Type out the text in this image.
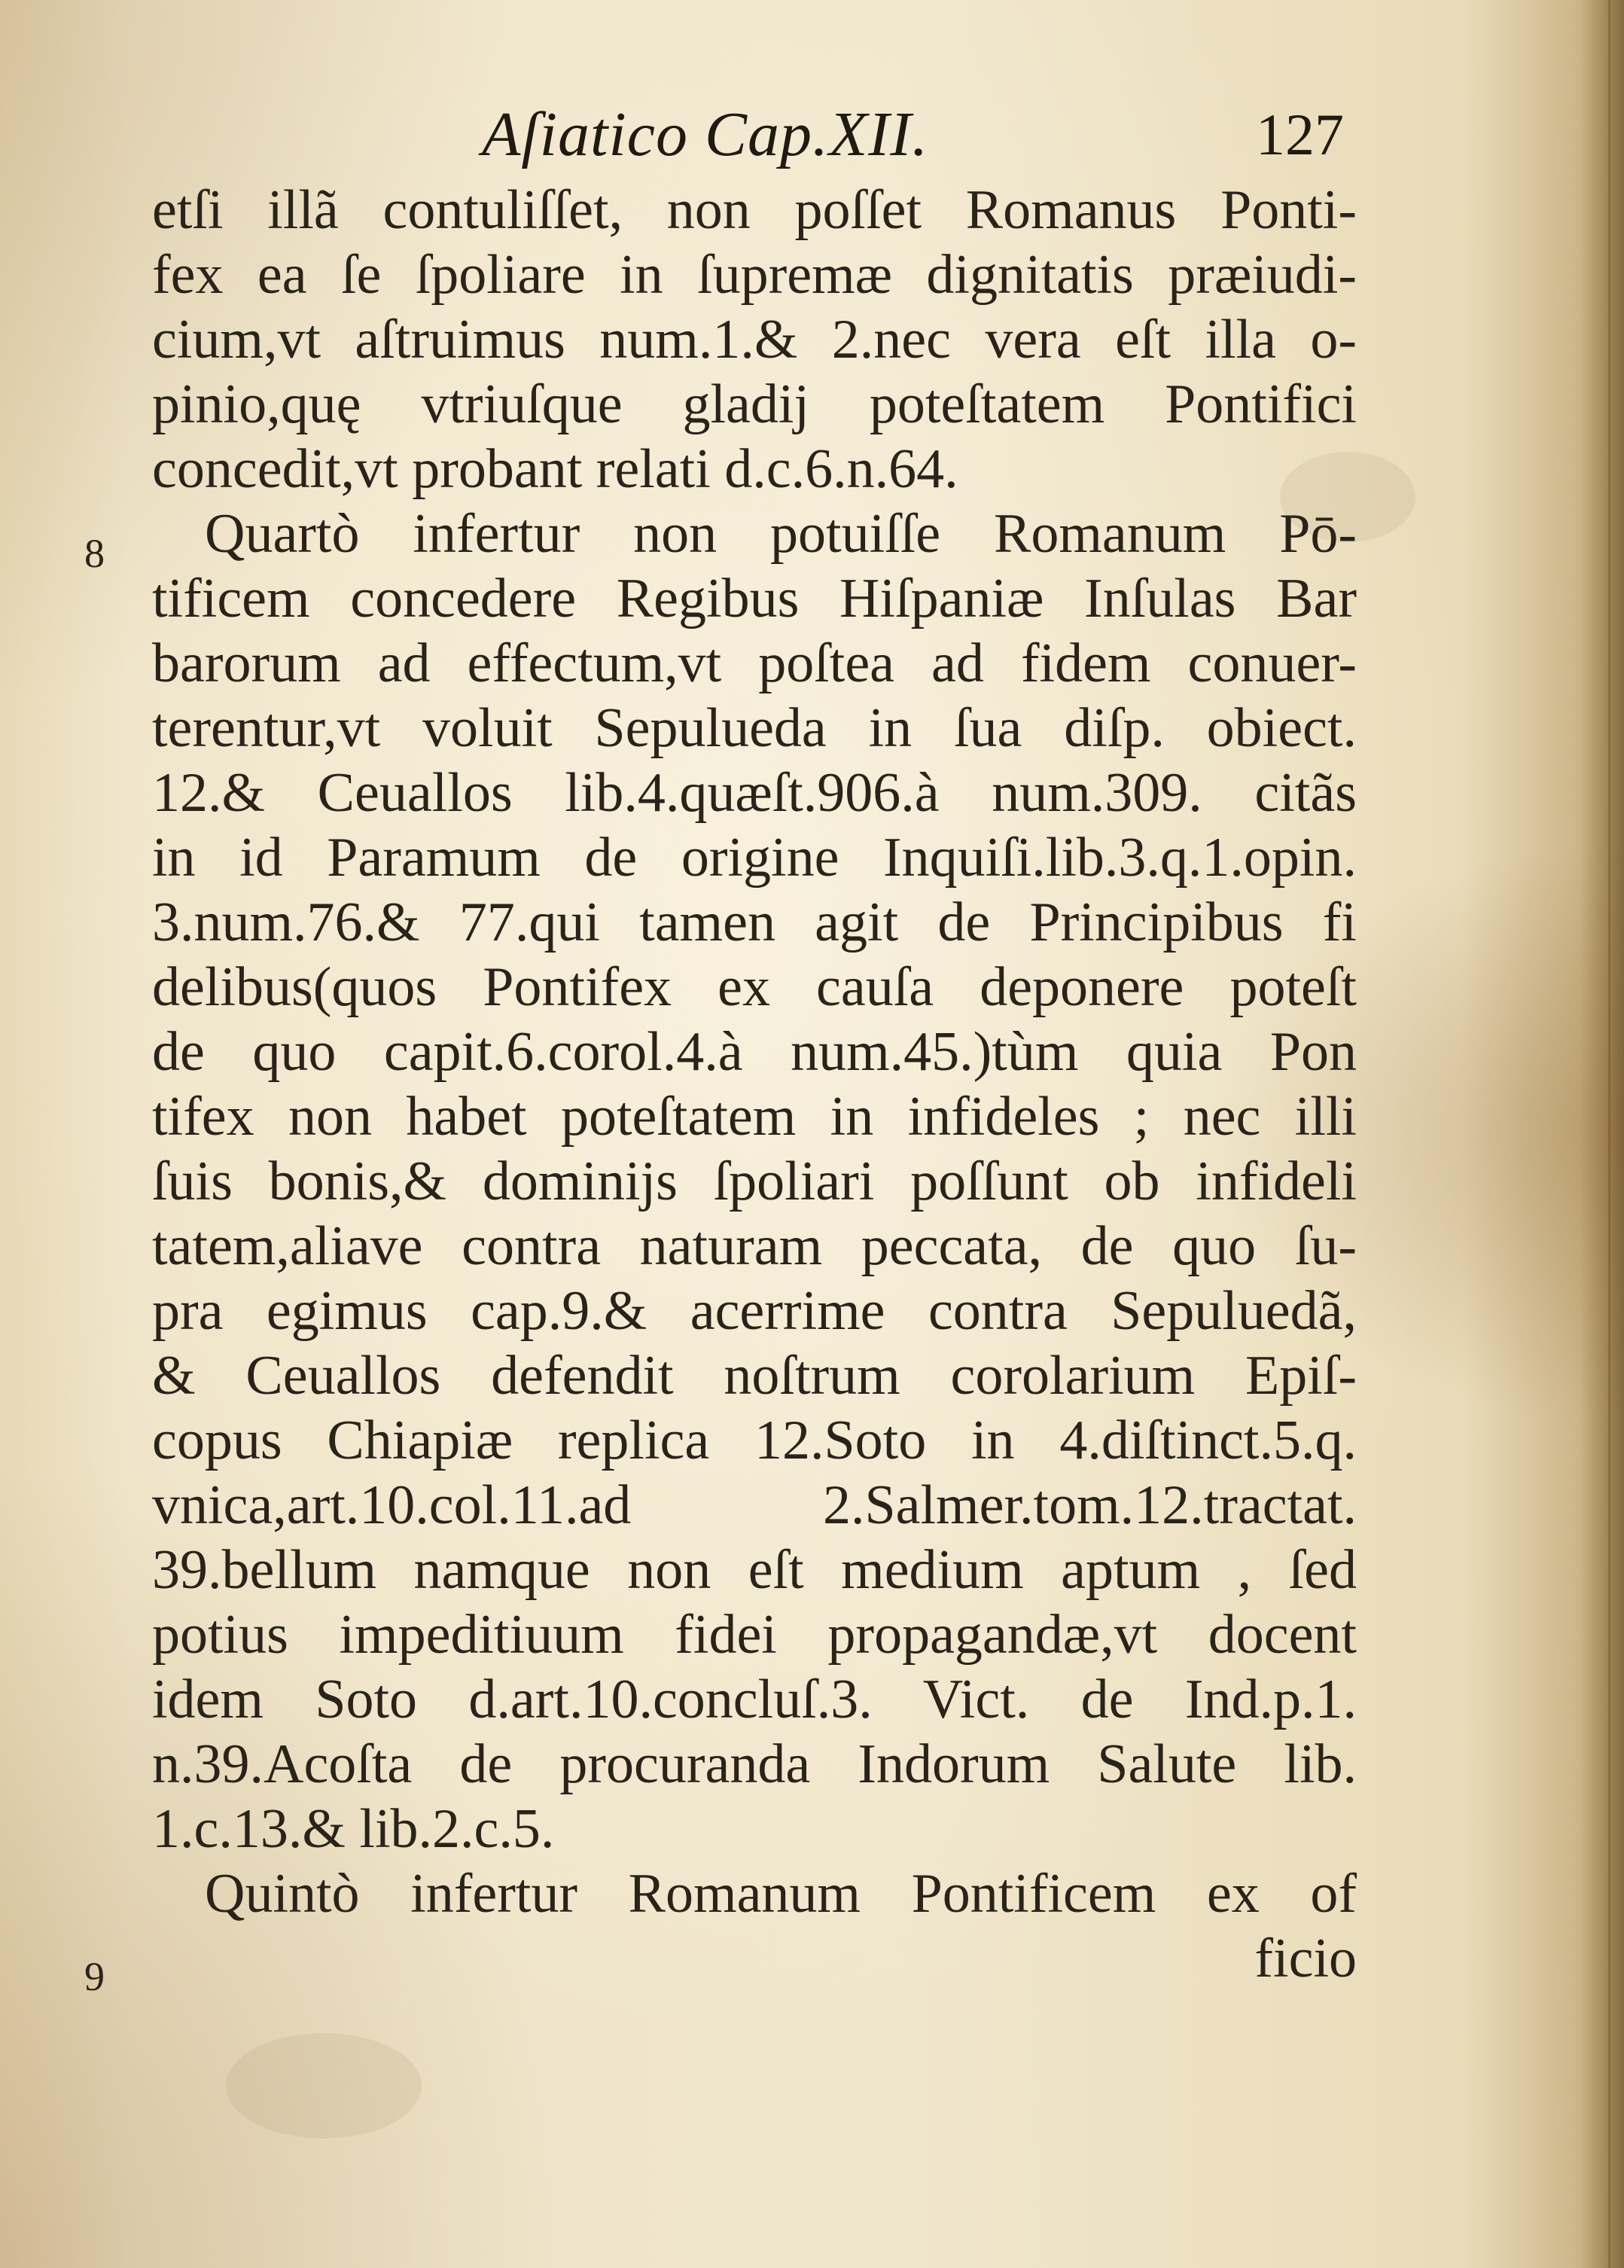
Aſiatico Cap.XII.	127
8
9
etſi illã contuliſſet, non poſſet Romanus Ponti-
fex ea ſe ſpoliare in ſupremæ dignitatis præiudi-
cium,vt aſtruimus num.1.& 2.nec vera eſt illa o-
pinio,quę vtriuſque gladij poteſtatem Pontifici
concedit,vt probant relati d.c.6.n.64.
Quartò infertur non potuiſſe Romanum Pō-
tificem concedere Regibus Hiſpaniæ Inſulas Bar
barorum ad effectum,vt poſtea ad fidem conuer-
terentur,vt voluit Sepulueda in ſua diſp. obiect.
12.& Ceuallos lib.4.quæſt.906.à num.309. citãs
in id Paramum de origine Inquiſi.lib.3.q.1.opin.
3.num.76.& 77.qui tamen agit de Principibus fi
delibus(quos Pontifex ex cauſa deponere poteſt
de quo capit.6.corol.4.à num.45.)tùm quia Pon
tifex non habet poteſtatem in infideles ; nec illi
ſuis bonis,& dominijs ſpoliari poſſunt ob infideli
tatem,aliave contra naturam peccata, de quo ſu-
pra egimus cap.9.& acerrime contra Sepuluedã,
& Ceuallos defendit noſtrum corolarium Epiſ-
copus Chiapiæ replica 12.Soto in 4.diſtinct.5.q.
vnica,art.10.col.11.ad 2.Salmer.tom.12.tractat.
39.bellum namque non eſt medium aptum , ſed
potius impeditiuum fidei propagandæ,vt docent
idem Soto d.art.10.concluſ.3. Vict. de Ind.p.1.
n.39.Acoſta de procuranda Indorum Salute lib.
1.c.13.& lib.2.c.5.
Quintò infertur Romanum Pontificem ex of
ficio
